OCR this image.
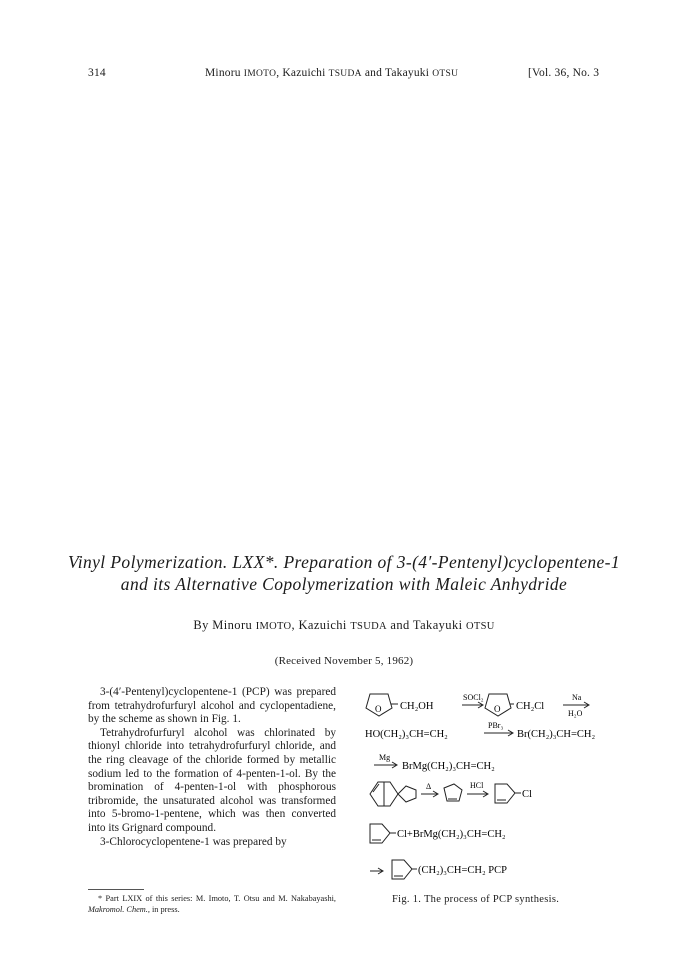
314	Minoru IMOTO, Kazuichi TSUDA and Takayuki OTSU	[Vol. 36, No. 3
Vinyl Polymerization. LXX*. Preparation of 3-(4′-Pentenyl)cyclopentene-1
and its Alternative Copolymerization with Maleic Anhydride
By Minoru IMOTO, Kazuichi TSUDA and Takayuki OTSU
(Received November 5, 1962)

3-(4′-Pentenyl)cyclopentene-1 (PCP) was prepared from tetrahydrofurfuryl alcohol and cyclopentadiene, by the scheme as shown in Fig. 1.

Tetrahydrofurfuryl alcohol was chlorinated by thionyl chloride into tetrahydrofurfuryl chloride, and the ring cleavage of the chloride formed by metallic sodium led to the formation of 4-penten-1-ol. By the bromination of 4-penten-1-ol with phosphorous tribromide, the unsaturated alcohol was transformed into 5-bromo-1-pentene, which was then converted into its Grignard compound.

3-Chlorocyclopentene-1 was prepared by

* Part LXIX of this series: M. Imoto, T. Otsu and M. Nakabayashi, Makromol. Chem., in press.

O CH₂OH
SOCl₂
O CH₂Cl
Na
H₂O
HO(CH₂)₃CH=CH₂
PBr₃
Br(CH₂)₃CH=CH₂
Mg
BrMg(CH₂)₃CH=CH₂
Δ	HCl
Cl
Cl+BrMg(CH₂)₃CH=CH₂
(CH₂)₃CH=CH₂ PCP
Fig. 1. The process of PCP synthesis.
